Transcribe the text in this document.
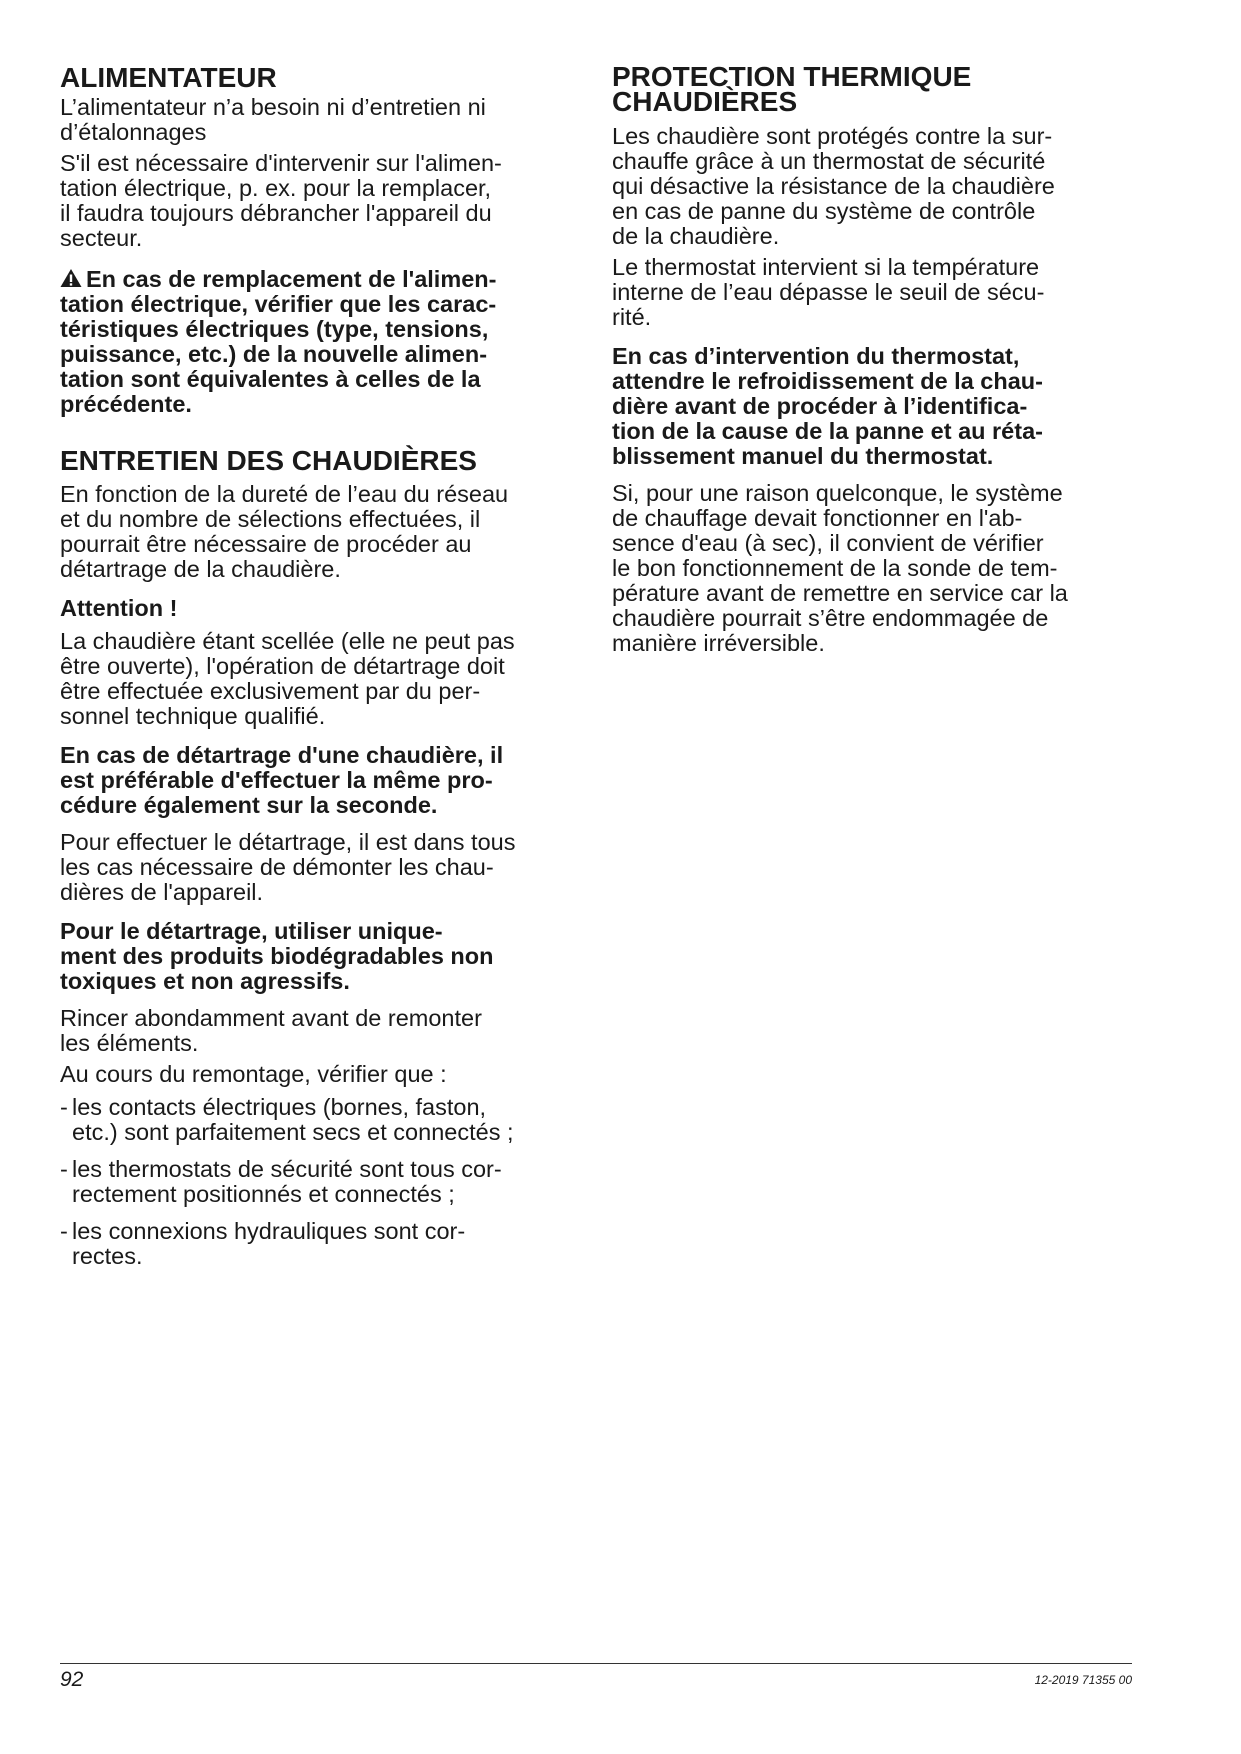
ALIMENTATEUR

L’alimentateur n’a besoin ni d’entretien ni
d’étalonnages

S'il est nécessaire d'intervenir sur l'alimen-
tation électrique, p. ex. pour la remplacer,
il faudra toujours débrancher l'appareil du
secteur.

En cas de remplacement de l'alimen-
tation électrique, vérifier que les carac-
téristiques électriques (type, tensions,
puissance, etc.) de la nouvelle alimen-
tation sont équivalentes à celles de la
précédente.

ENTRETIEN DES CHAUDIÈRES

En fonction de la dureté de l’eau du réseau
et du nombre de sélections effectuées, il
pourrait être nécessaire de procéder au
détartrage de la chaudière.

Attention !

La chaudière étant scellée (elle ne peut pas
être ouverte), l'opération de détartrage doit
être effectuée exclusivement par du per-
sonnel technique qualifié.

En cas de détartrage d'une chaudière, il
est préférable d'effectuer la même pro-
cédure également sur la seconde.

Pour effectuer le détartrage, il est dans tous
les cas nécessaire de démonter les chau-
dières de l'appareil.

Pour le détartrage, utiliser unique-
ment des produits biodégradables non
toxiques et non agressifs.

Rincer abondamment avant de remonter
les éléments.

Au cours du remontage, vérifier que :

- les contacts électriques (bornes, faston,
etc.) sont parfaitement secs et connectés ;
- les thermostats de sécurité sont tous cor-
rectement positionnés et connectés ;
- les connexions hydrauliques sont cor-
rectes.
PROTECTION THERMIQUE
CHAUDIÈRES

Les chaudière sont protégés contre la sur-
chauffe grâce à un thermostat de sécurité
qui désactive la résistance de la chaudière
en cas de panne du système de contrôle
de la chaudière.

Le thermostat intervient si la température
interne de l’eau dépasse le seuil de sécu-
rité.

En cas d’intervention du thermostat,
attendre le refroidissement de la chau-
dière avant de procéder à l’identifica-
tion de la cause de la panne et au réta-
blissement manuel du thermostat.

Si, pour une raison quelconque, le système
de chauffage devait fonctionner en l'ab-
sence d'eau (à sec), il convient de vérifier
le bon fonctionnement de la sonde de tem-
pérature avant de remettre en service car la
chaudière pourrait s’être endommagée de
manière irréversible.

92	12-2019 71355 00
